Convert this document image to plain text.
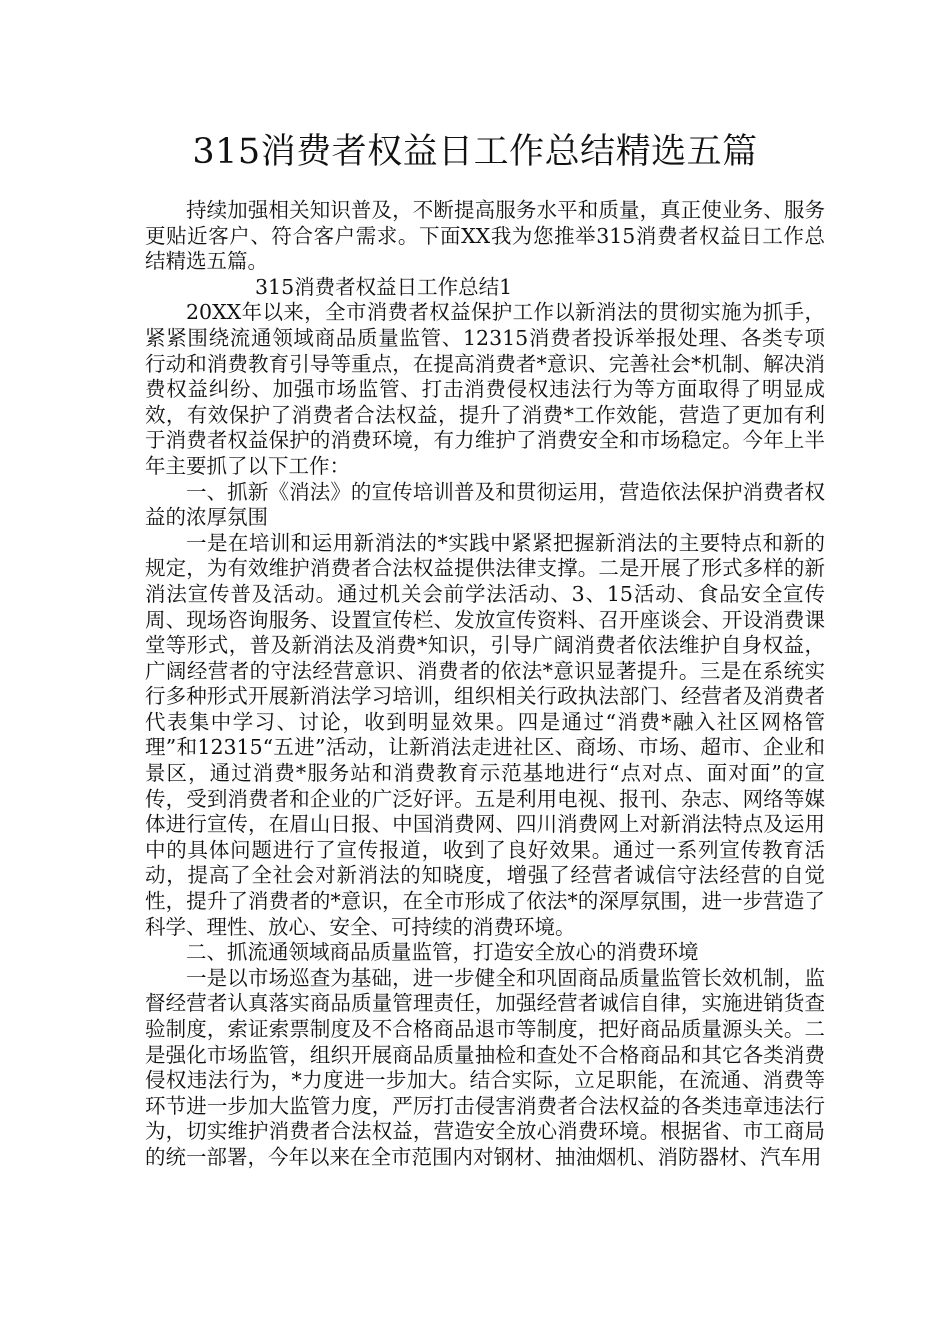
315消费者权益日工作总结精选五篇

持续加强相关知识普及，不断提高服务水平和质量，真正使业务、服务更贴近客户、符合客户需求。下面XX我为您推举315消费者权益日工作总结精选五篇。

315消费者权益日工作总结1

20XX年以来，全市消费者权益保护工作以新消法的贯彻实施为抓手，紧紧围绕流通领域商品质量监管、12315消费者投诉举报处理、各类专项行动和消费教育引导等重点，在提高消费者*意识、完善社会*机制、解决消费权益纠纷、加强市场监管、打击消费侵权违法行为等方面取得了明显成效，有效保护了消费者合法权益，提升了消费*工作效能，营造了更加有利于消费者权益保护的消费环境，有力维护了消费安全和市场稳定。今年上半年主要抓了以下工作：

一、抓新《消法》的宣传培训普及和贯彻运用，营造依法保护消费者权益的浓厚氛围

一是在培训和运用新消法的*实践中紧紧把握新消法的主要特点和新的规定，为有效维护消费者合法权益提供法律支撑。二是开展了形式多样的新消法宣传普及活动。通过机关会前学法活动、3、15活动、食品安全宣传周、现场咨询服务、设置宣传栏、发放宣传资料、召开座谈会、开设消费课堂等形式，普及新消法及消费*知识，引导广阔消费者依法维护自身权益，广阔经营者的守法经营意识、消费者的依法*意识显著提升。三是在系统实行多种形式开展新消法学习培训，组织相关行政执法部门、经营者及消费者代表集中学习、讨论，收到明显效果。四是通过“消费*融入社区网格管理”和12315“五进”活动，让新消法走进社区、商场、市场、超市、企业和景区，通过消费*服务站和消费教育示范基地进行“点对点、面对面”的宣传，受到消费者和企业的广泛好评。五是利用电视、报刊、杂志、网络等媒体进行宣传，在眉山日报、中国消费网、四川消费网上对新消法特点及运用中的具体问题进行了宣传报道，收到了良好效果。通过一系列宣传教育活动，提高了全社会对新消法的知晓度，增强了经营者诚信守法经营的自觉性，提升了消费者的*意识，在全市形成了依法*的深厚氛围，进一步营造了科学、理性、放心、安全、可持续的消费环境。

二、抓流通领域商品质量监管，打造安全放心的消费环境

一是以市场巡查为基础，进一步健全和巩固商品质量监管长效机制，监督经营者认真落实商品质量管理责任，加强经营者诚信自律，实施进销货查验制度，索证索票制度及不合格商品退市等制度，把好商品质量源头关。二是强化市场监管，组织开展商品质量抽检和查处不合格商品和其它各类消费侵权违法行为，*力度进一步加大。结合实际，立足职能，在流通、消费等环节进一步加大监管力度，严厉打击侵害消费者合法权益的各类违章违法行为，切实维护消费者合法权益，营造安全放心消费环境。根据省、市工商局的统一部署，今年以来在全市范围内对钢材、抽油烟机、消防器材、汽车用
